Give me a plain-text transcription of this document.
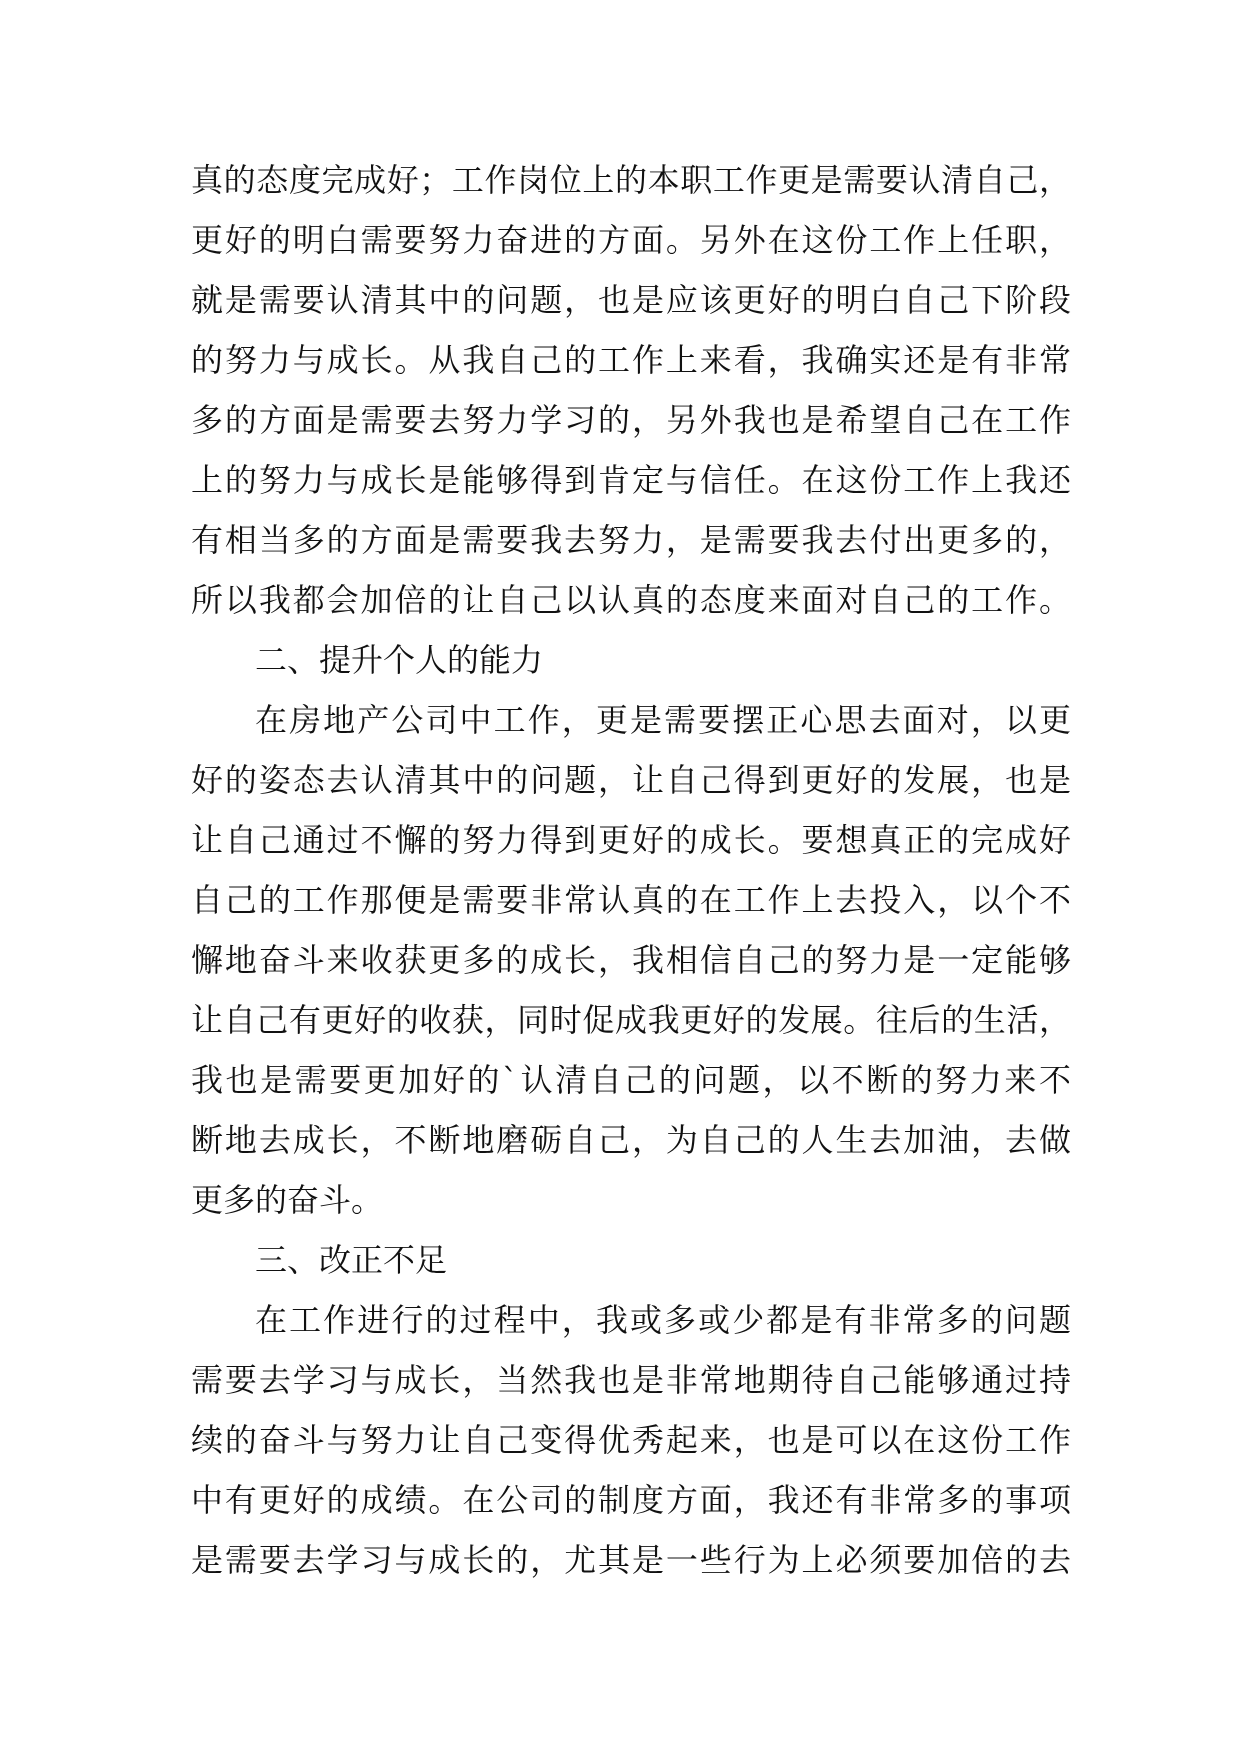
真的态度完成好；工作岗位上的本职工作更是需要认清自己，
更好的明白需要努力奋进的方面。另外在这份工作上任职，
就是需要认清其中的问题，也是应该更好的明白自己下阶段
的努力与成长。从我自己的工作上来看，我确实还是有非常
多的方面是需要去努力学习的，另外我也是希望自己在工作
上的努力与成长是能够得到肯定与信任。在这份工作上我还
有相当多的方面是需要我去努力，是需要我去付出更多的，
所以我都会加倍的让自己以认真的态度来面对自己的工作。
二、提升个人的能力
在房地产公司中工作，更是需要摆正心思去面对，以更
好的姿态去认清其中的问题，让自己得到更好的发展，也是
让自己通过不懈的努力得到更好的成长。要想真正的完成好
自己的工作那便是需要非常认真的在工作上去投入，以个不
懈地奋斗来收获更多的成长，我相信自己的努力是一定能够
让自己有更好的收获，同时促成我更好的发展。往后的生活，
我也是需要更加好的`认清自己的问题，以不断的努力来不
断地去成长，不断地磨砺自己，为自己的人生去加油，去做
更多的奋斗。
三、改正不足
在工作进行的过程中，我或多或少都是有非常多的问题
需要去学习与成长，当然我也是非常地期待自己能够通过持
续的奋斗与努力让自己变得优秀起来，也是可以在这份工作
中有更好的成绩。在公司的制度方面，我还有非常多的事项
是需要去学习与成长的，尤其是一些行为上必须要加倍的去
